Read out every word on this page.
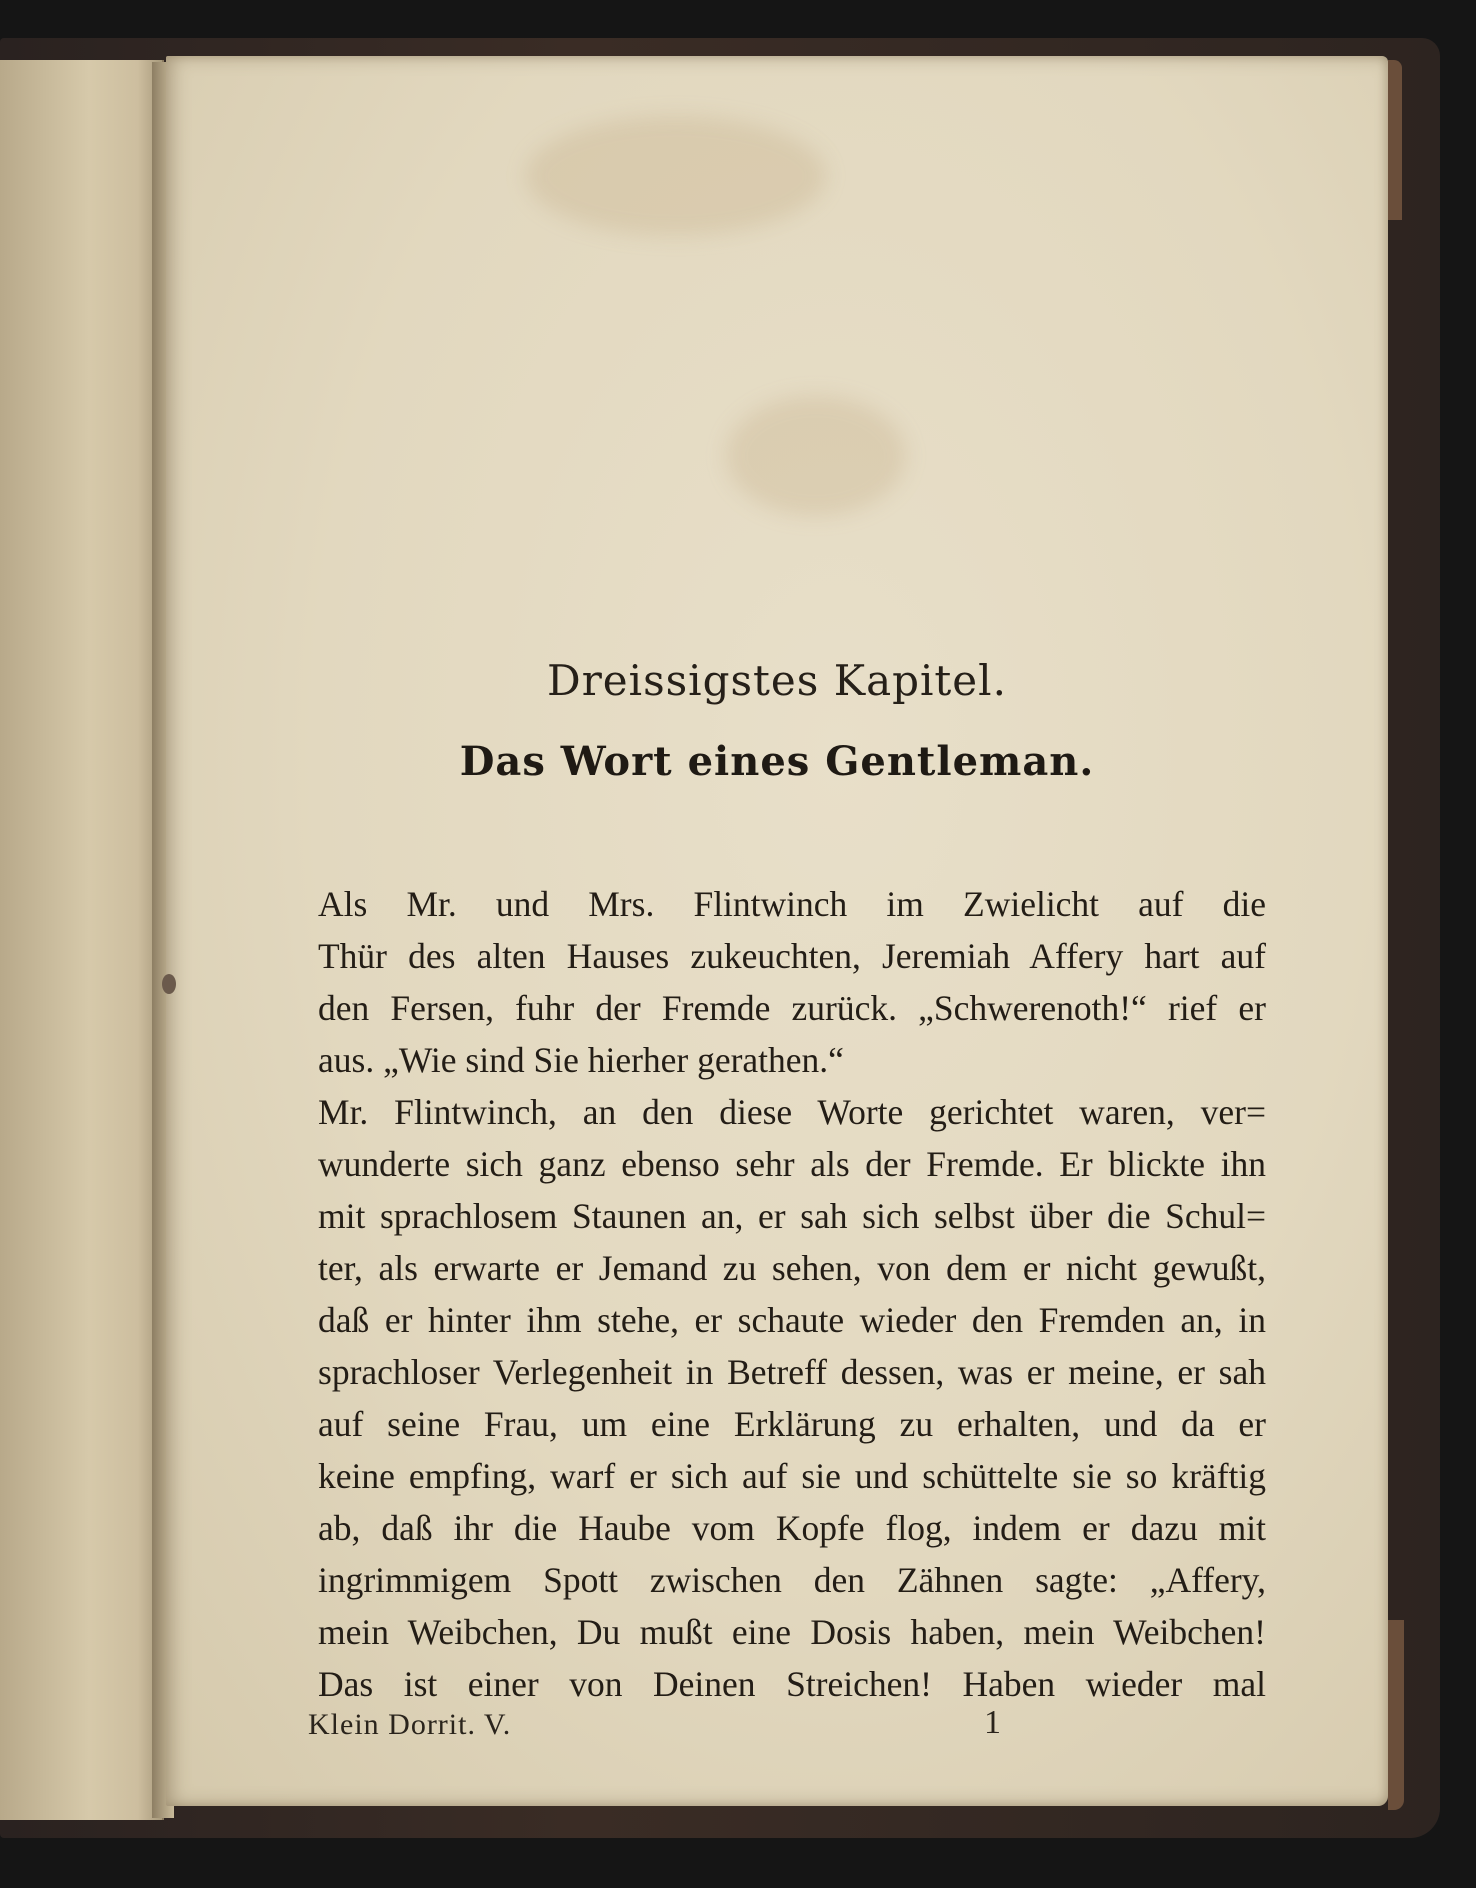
Dreissigstes Kapitel.
Das Wort eines Gentleman.

Als Mr. und Mrs. Flintwinch im Zwielicht auf die
Thür des alten Hauses zukeuchten, Jeremiah Affery hart auf
den Fersen, fuhr der Fremde zurück. „Schwerenoth!“ rief er
aus. „Wie sind Sie hierher gerathen.“

Mr. Flintwinch, an den diese Worte gerichtet waren, ver=
wunderte sich ganz ebenso sehr als der Fremde. Er blickte ihn
mit sprachlosem Staunen an, er sah sich selbst über die Schul=
ter, als erwarte er Jemand zu sehen, von dem er nicht gewußt,
daß er hinter ihm stehe, er schaute wieder den Fremden an, in
sprachloser Verlegenheit in Betreff dessen, was er meine, er sah
auf seine Frau, um eine Erklärung zu erhalten, und da er
keine empfing, warf er sich auf sie und schüttelte sie so kräftig
ab, daß ihr die Haube vom Kopfe flog, indem er dazu mit
ingrimmigem Spott zwischen den Zähnen sagte: „Affery,
mein Weibchen, Du mußt eine Dosis haben, mein Weibchen!
Das ist einer von Deinen Streichen! Haben wieder mal

Klein Dorrit. V.	1
